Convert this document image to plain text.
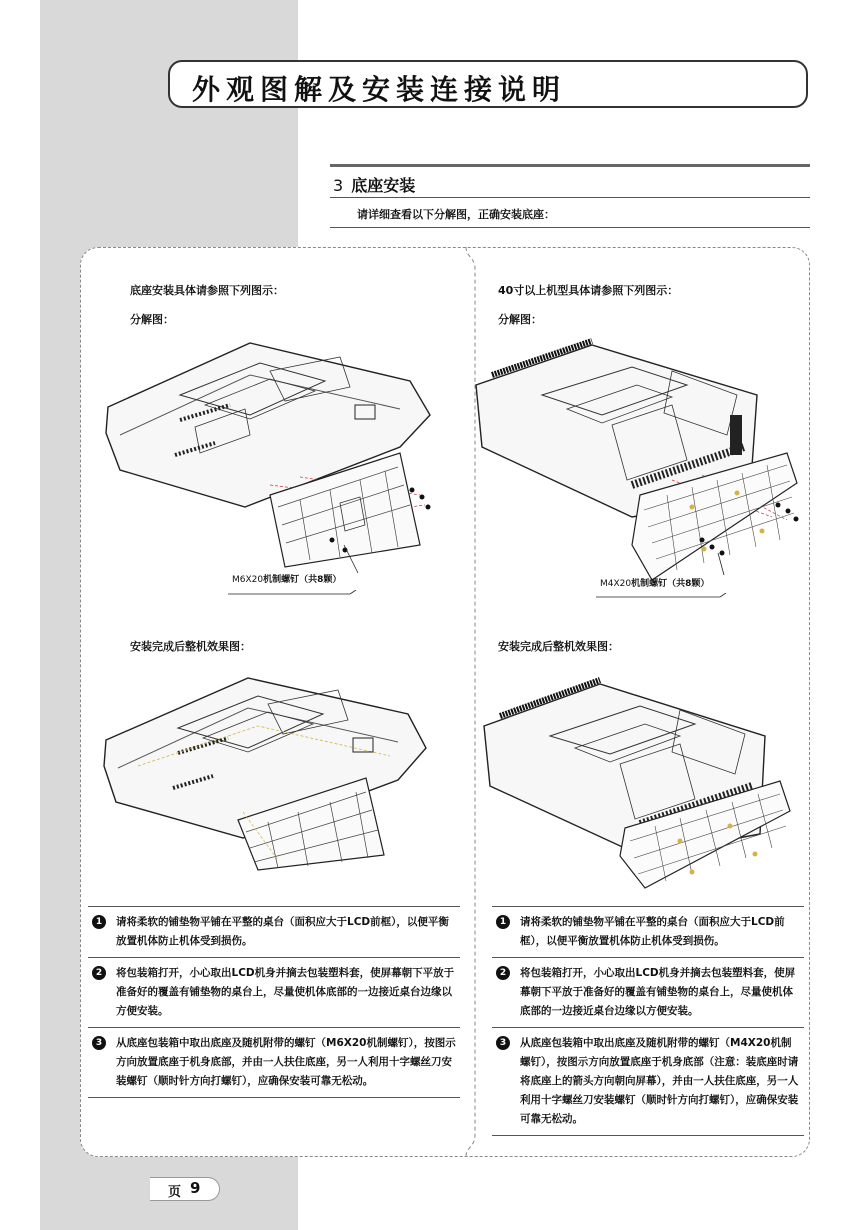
外观图解及安装连接说明
3 底座安装
请详细查看以下分解图，正确安装底座：
底座安装具体请参照下列图示：
分解图：
M6X20机制螺钉（共8颗）
安装完成后整机效果图：
1	请将柔软的铺垫物平铺在平整的桌台（面积应大于LCD前框），以便平衡放置机体防止机体受到损伤。
2	将包装箱打开，小心取出LCD机身并摘去包装塑料套，使屏幕朝下平放于准备好的覆盖有铺垫物的桌台上，尽量使机体底部的一边接近桌台边缘以方便安装。
3	从底座包装箱中取出底座及随机附带的螺钉（M6X20机制螺钉），按图示方向放置底座于机身底部，并由一人扶住底座，另一人利用十字螺丝刀安装螺钉（顺时针方向打螺钉），应确保安装可靠无松动。
40寸以上机型具体请参照下列图示：
分解图：
M4X20机制螺钉（共8颗）
安装完成后整机效果图：
1	请将柔软的铺垫物平铺在平整的桌台（面积应大于LCD前框），以便平衡放置机体防止机体受到损伤。
2	将包装箱打开，小心取出LCD机身并摘去包装塑料套，使屏幕朝下平放于准备好的覆盖有铺垫物的桌台上，尽量使机体底部的一边接近桌台边缘以方便安装。
3	从底座包装箱中取出底座及随机附带的螺钉（M4X20机制螺钉），按图示方向放置底座于机身底部（注意：装底座时请将底座上的箭头方向朝向屏幕），并由一人扶住底座，另一人利用十字螺丝刀安装螺钉（顺时针方向打螺钉），应确保安装可靠无松动。
页 9
